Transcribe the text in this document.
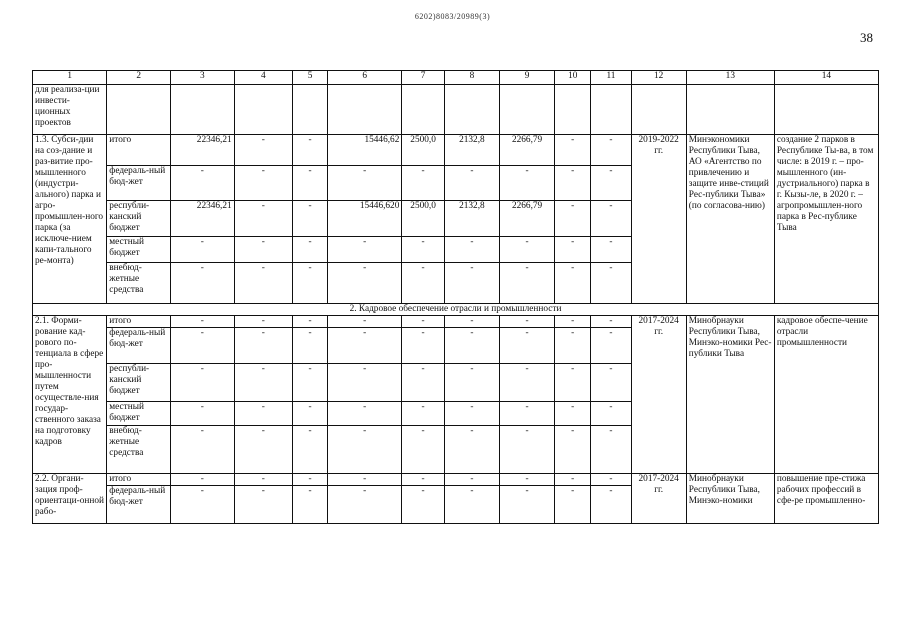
6202)8083/20989(3)
38
1	2	3	4	5	6	7	8	9	10	11	12	13	14
для реализа-ции инвести-ционных проектов													
1.3. Субси-дии на соз-дание и раз-витие про-мышленного (индустри-ального) парка и агро-промышлен-ного парка (за исключе-нием капи-тального ре-монта)	итого	22346,21	-	-	15446,62	2500,0	2132,8	2266,79	-	-	2019-2022 гг.	Минэкономики Республики Тыва, АО «Агентство по привлечению и защите инве-стиций Рес-публики Тыва» (по согласова-нию)	создание 2 парков в Республике Ты-ва, в том числе: в 2019 г. – про-мышленного (ин-дустриального) парка в г. Кызы-ле, в 2020 г. – агропромышлен-ного парка в Рес-публике Тыва
	федераль-ный бюд-жет	-	-	-	-	-	-	-	-	-			
	республи-канский бюджет	22346,21	-	-	15446,620	2500,0	2132,8	2266,79	-	-			
	местный бюджет	-	-	-	-	-	-	-	-	-			
	внебюд-жетные средства	-	-	-	-	-	-	-	-	-			
2. Кадровое обеспечение отрасли и промышленности													
2.1. Форми-рование кад-рового по-тенциала в сфере про-мышленности путем осуществле-ния государ-ственного заказа на подготовку кадров	итого	-	-	-	-	-	-	-	-	-	2017-2024 гг.	Минобрнауки Республики Тыва, Минэко-номики Рес-публики Тыва	кадровое обеспе-чение отрасли промышленности
	федераль-ный бюд-жет	-	-	-	-	-	-	-	-	-			
	республи-канский бюджет	-	-	-	-	-	-	-	-	-			
	местный бюджет	-	-	-	-	-	-	-	-	-			
	внебюд-жетные средства	-	-	-	-	-	-	-	-	-			
2.2. Органи-зация проф-ориентаци-онной рабо-	итого	-	-	-	-	-	-	-	-	-	2017-2024 гг.	Минобрнауки Республики Тыва, Минэко-номики	повышение пре-стижа рабочих профессий в сфе-ре промышленно-
	федераль-ный бюд-жет	-	-	-	-	-	-	-	-	-			
